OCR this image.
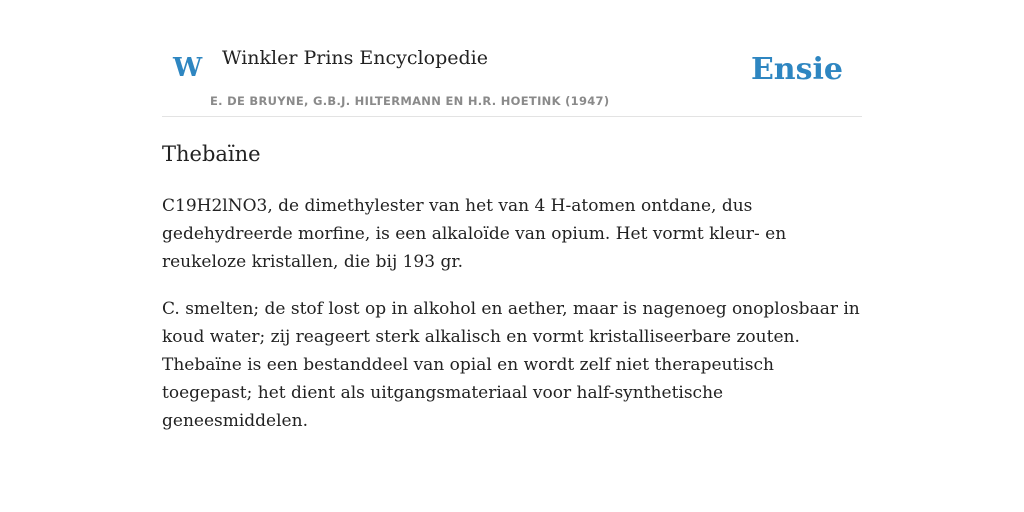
W Winkler Prins Encyclopedie
E. DE BRUYNE, G.B.J. HILTERMANN EN H.R. HOETINK (1947)
Ensie
Thebaïne

C19H2lNO3, de dimethylester van het van 4 H-atomen ontdane, dus gedehydreerde morfine, is een alkaloïde van opium. Het vormt kleur- en reukeloze kristallen, die bij 193 gr.

C. smelten; de stof lost op in alkohol en aether, maar is nagenoeg onoplosbaar in koud water; zij reageert sterk alkalisch en vormt kristalliseerbare zouten. Thebaïne is een bestanddeel van opial en wordt zelf niet therapeutisch toegepast; het dient als uitgangsmateriaal voor half-synthetische geneesmiddelen.
